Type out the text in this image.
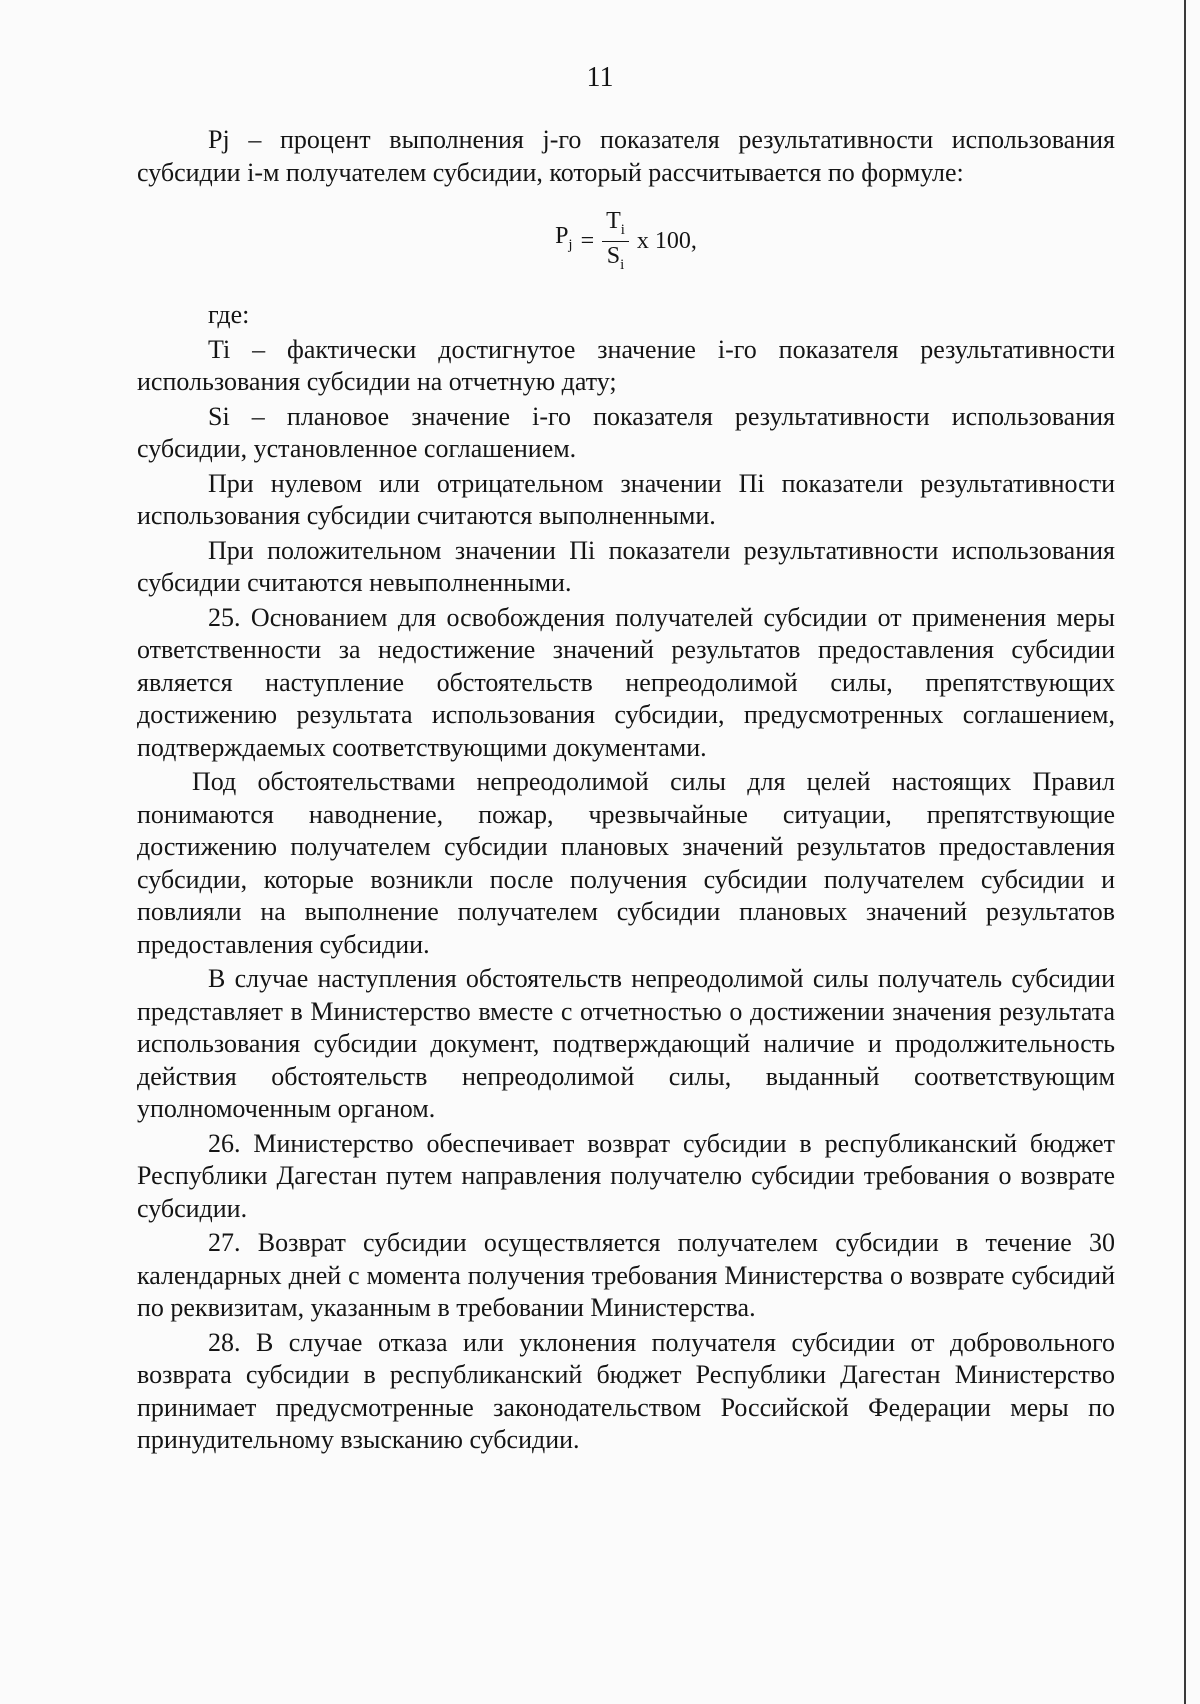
11

Pj – процент выполнения j-го показателя результативности использования субсидии i-м получателем субсидии, который рассчитывается по формуле:

$P_j = \frac{T_i}{S_i}$ х 100 ,

где:

Ti – фактически достигнутое значение i-го показателя результативности использования субсидии на отчетную дату;

Si – плановое значение i-го показателя результативности использования субсидии, установленное соглашением.

При нулевом или отрицательном значении Пi показатели результативности использования субсидии считаются выполненными.

При положительном значении Пi показатели результативности использования субсидии считаются невыполненными.

25. Основанием для освобождения получателей субсидии от применения меры ответственности за недостижение значений результатов предоставления субсидии является наступление обстоятельств непреодолимой силы, препятствующих достижению результата использования субсидии, предусмотренных соглашением, подтверждаемых соответствующими документами.

Под обстоятельствами непреодолимой силы для целей настоящих Правил понимаются наводнение, пожар, чрезвычайные ситуации, препятствующие достижению получателем субсидии плановых значений результатов предоставления субсидии, которые возникли после получения субсидии получателем субсидии и повлияли на выполнение получателем субсидии плановых значений результатов предоставления субсидии.

В случае наступления обстоятельств непреодолимой силы получатель субсидии представляет в Министерство вместе с отчетностью о достижении значения результата использования субсидии документ, подтверждающий наличие и продолжительность действия обстоятельств непреодолимой силы, выданный соответствующим уполномоченным органом.

26. Министерство обеспечивает возврат субсидии в республиканский бюджет Республики Дагестан путем направления получателю субсидии требования о возврате субсидии.

27. Возврат субсидии осуществляется получателем субсидии в течение 30 календарных дней с момента получения требования Министерства о возврате субсидий по реквизитам, указанным в требовании Министерства.

28. В случае отказа или уклонения получателя субсидии от добровольного возврата субсидии в республиканский бюджет Республики Дагестан Министерство принимает предусмотренные законодательством Российской Федерации меры по принудительному взысканию субсидии.
